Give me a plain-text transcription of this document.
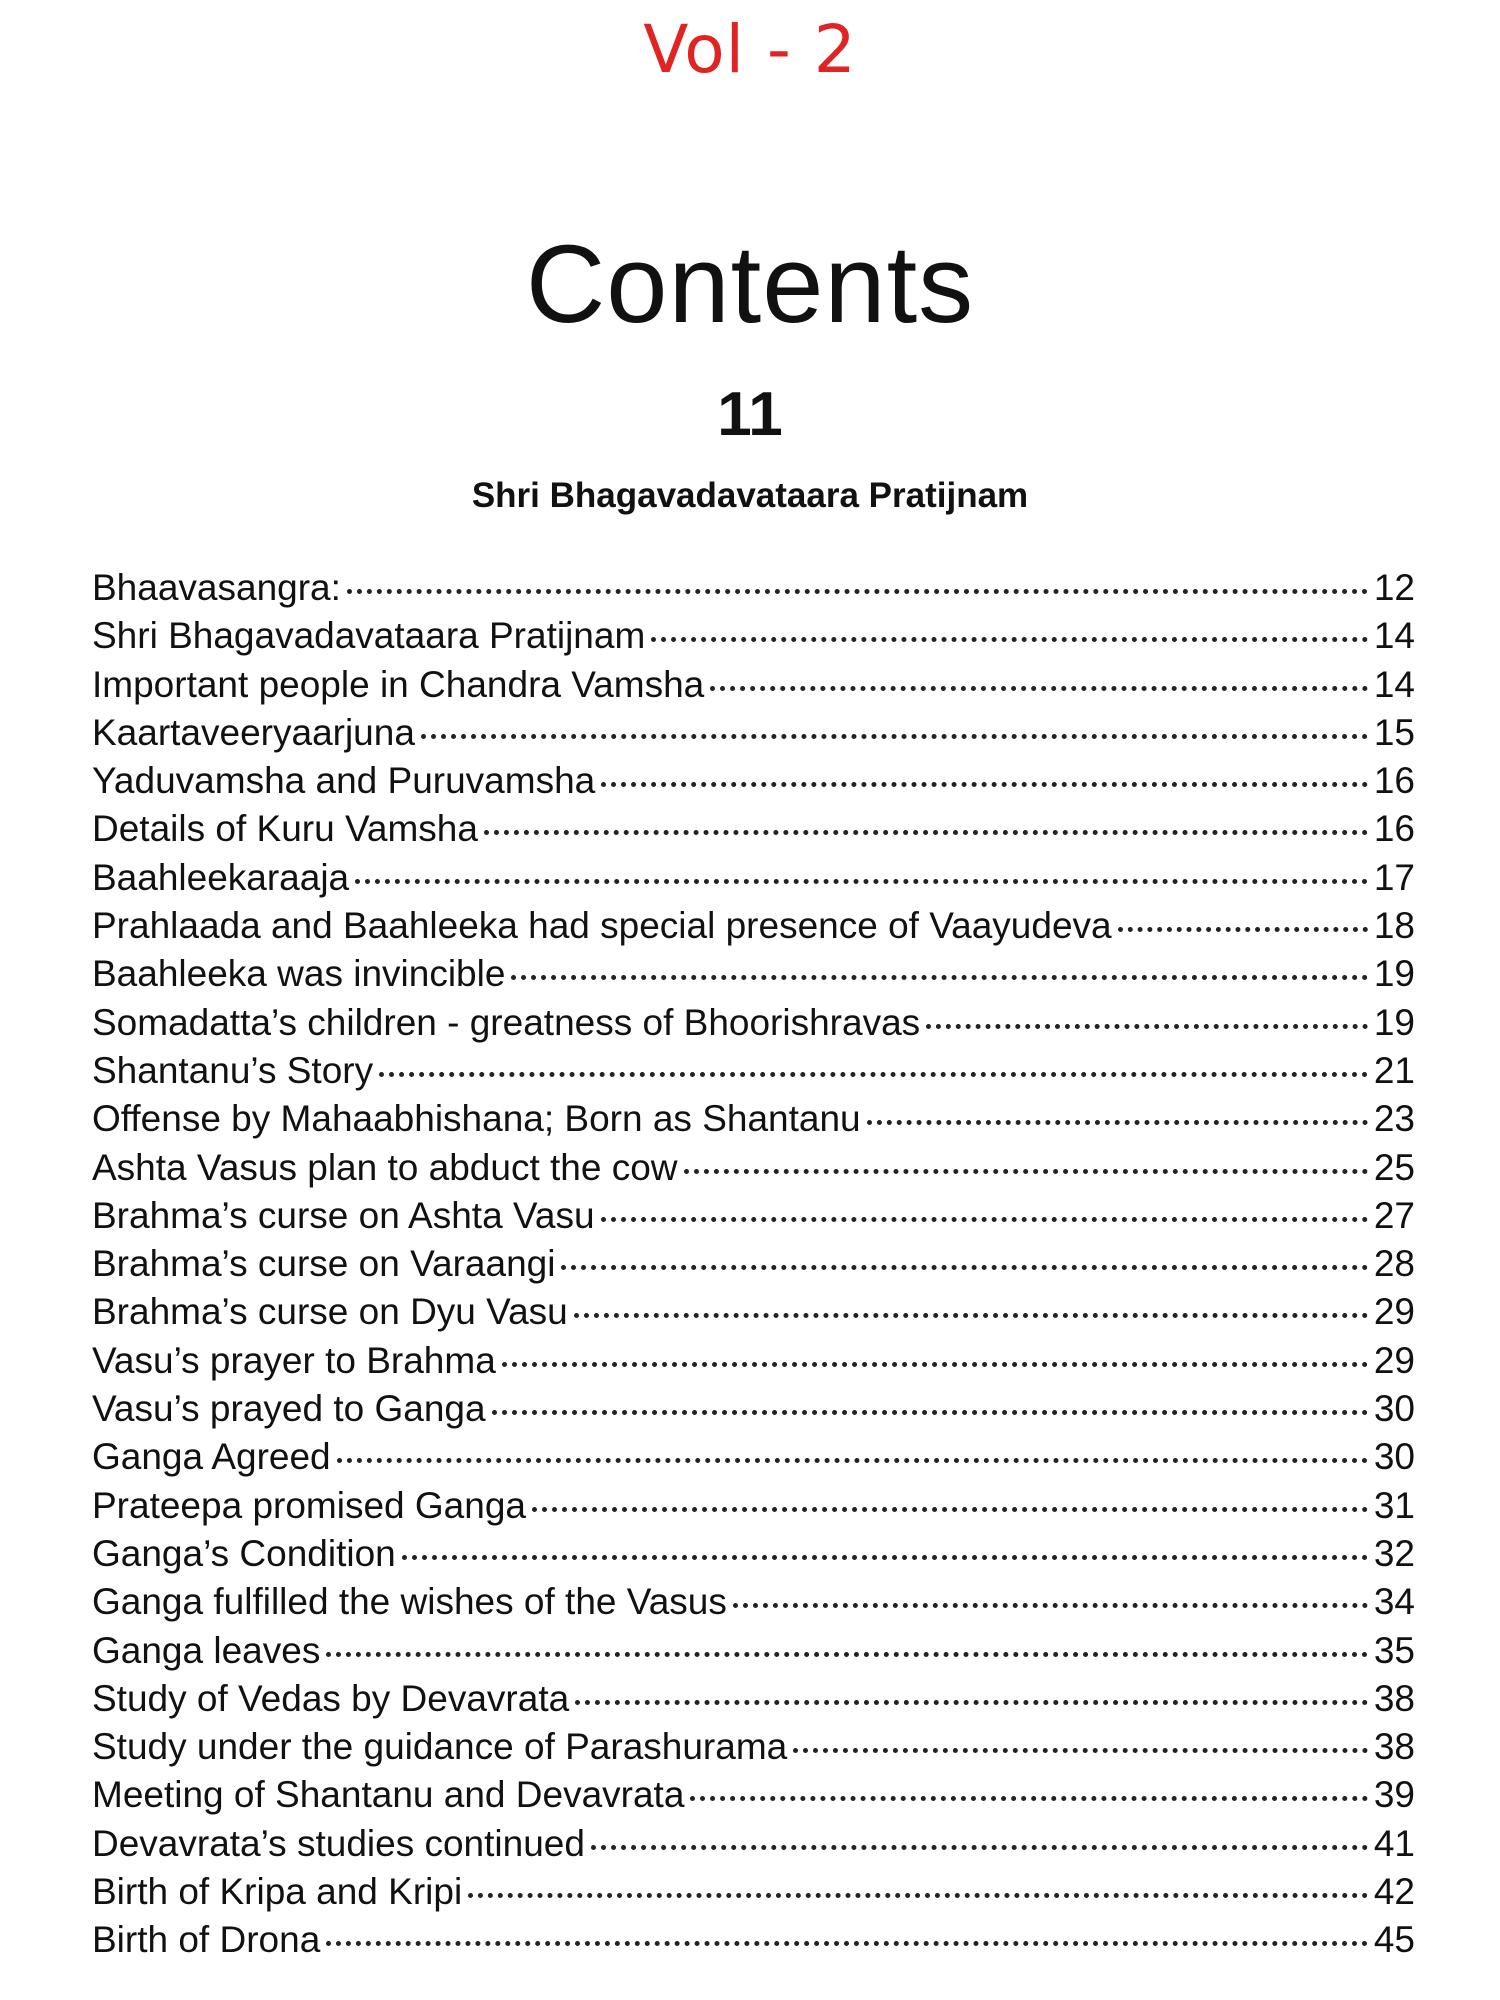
Vol - 2
Contents
11
Shri Bhagavadavataara Pratijnam
Bhaavasangra:	12
Shri Bhagavadavataara Pratijnam	14
Important people in Chandra Vamsha	14
Kaartaveeryaarjuna	15
Yaduvamsha and Puruvamsha	16
Details of Kuru Vamsha	16
Baahleekaraaja	17
Prahlaada and Baahleeka had special presence of Vaayudeva	18
Baahleeka was invincible	19
Somadatta’s children - greatness of Bhoorishravas	19
Shantanu’s Story	21
Offense by Mahaabhishana; Born as Shantanu	23
Ashta Vasus plan to abduct the cow	25
Brahma’s curse on Ashta Vasu	27
Brahma’s curse on Varaangi	28
Brahma’s curse on Dyu Vasu	29
Vasu’s prayer to Brahma	29
Vasu’s prayed to Ganga	30
Ganga Agreed	30
Prateepa promised Ganga	31
Ganga’s Condition	32
Ganga fulfilled the wishes of the Vasus	34
Ganga leaves	35
Study of Vedas by Devavrata	38
Study under the guidance of Parashurama	38
Meeting of Shantanu and Devavrata	39
Devavrata’s studies continued	41
Birth of Kripa and Kripi	42
Birth of Drona	45
